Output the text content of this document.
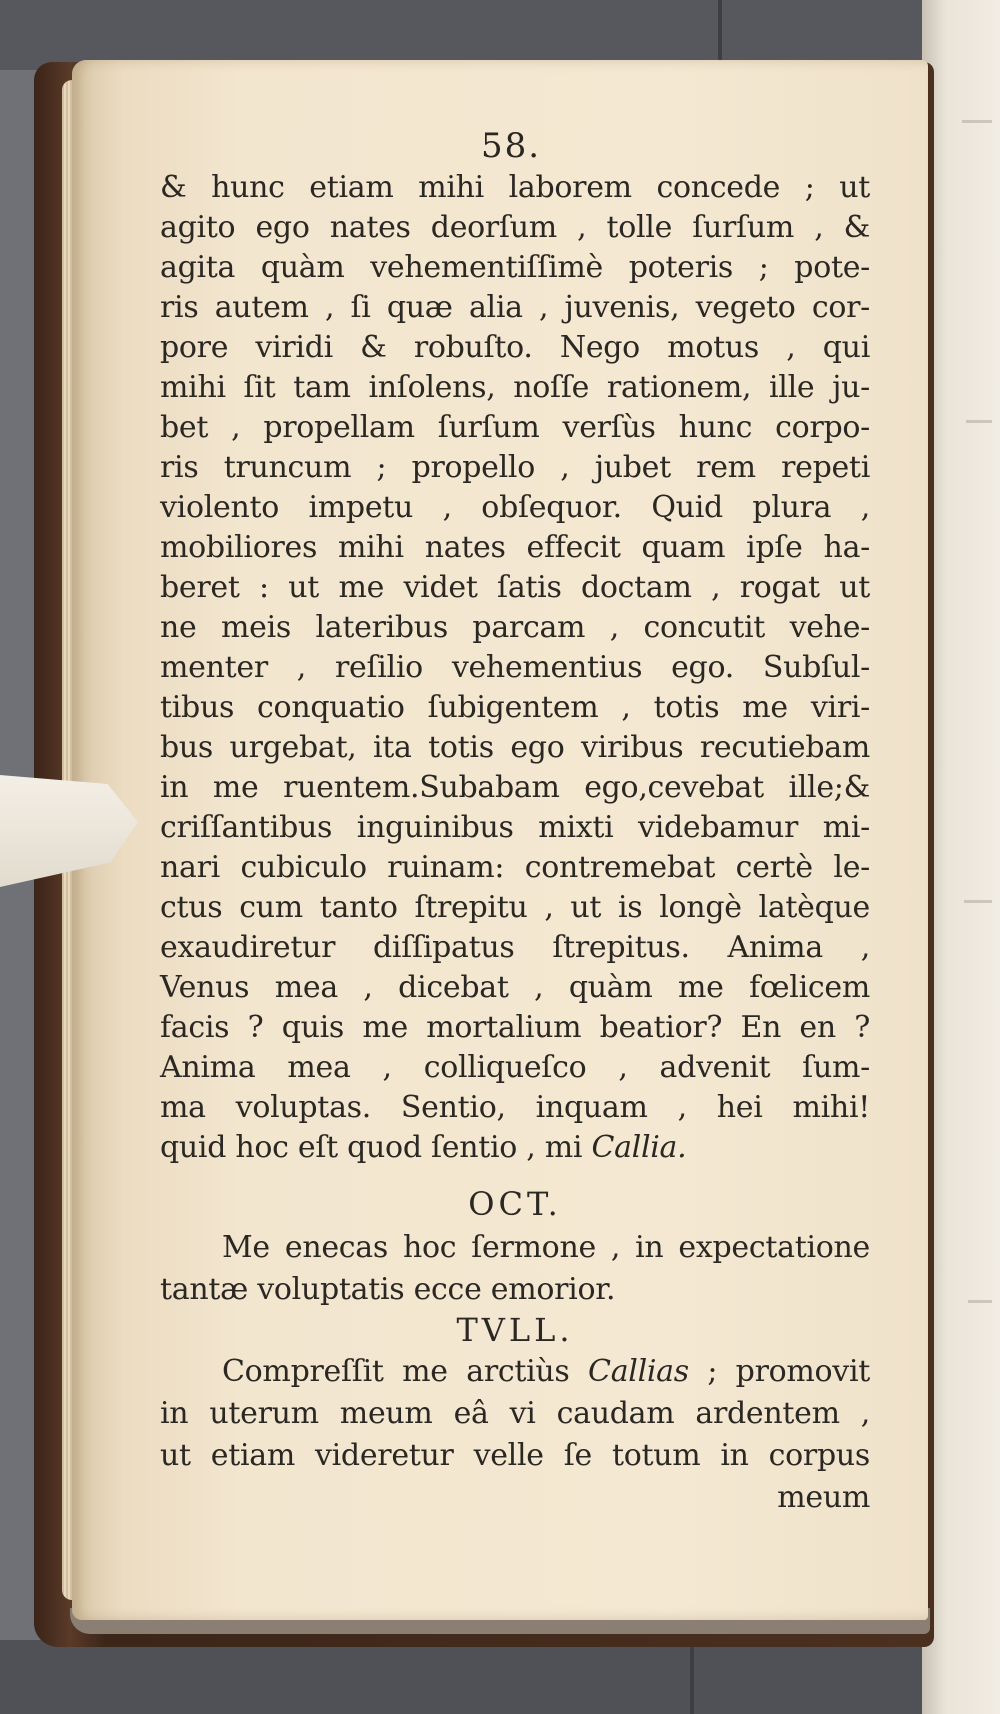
58.
& hunc etiam mihi laborem concede ; ut
agito ego nates deorſum , tolle ſurſum , &
agita quàm vehementiſſimè poteris ; pote-
ris autem , ſi quæ alia , juvenis, vegeto cor-
pore viridi & robuſto. Nego motus , qui
mihi ſit tam inſolens, noſſe rationem, ille ju-
bet , propellam ſurſum verſùs hunc corpo-
ris truncum ; propello , jubet rem repeti
violento impetu , obſequor. Quid plura ,
mobiliores mihi nates effecit quam ipſe ha-
beret : ut me videt ſatis doctam , rogat ut
ne meis lateribus parcam , concutit vehe-
menter , reſilio vehementius ego. Subſul-
tibus conquatio ſubigentem , totis me viri-
bus urgebat, ita totis ego viribus recutiebam
in me ruentem.Subabam ego,cevebat ille;&
criſſantibus inguinibus mixti videbamur mi-
nari cubiculo ruinam: contremebat certè le-
ctus cum tanto ſtrepitu , ut is longè latèque
exaudiretur diſſipatus ſtrepitus. Anima ,
Venus mea , dicebat , quàm me fœlicem
facis ? quis me mortalium beatior? En en ?
Anima mea , colliqueſco , advenit ſum-
ma voluptas. Sentio, inquam , hei mihi!
quid hoc eſt quod ſentio , mi Callia.
OCT.
Me enecas hoc ſermone , in expectatione
tantæ voluptatis ecce emorior.
TVLL.
Compreſſit me arctiùs Callias ; promovit
in uterum meum eâ vi caudam ardentem ,
ut etiam videretur velle ſe totum in corpus
meum
